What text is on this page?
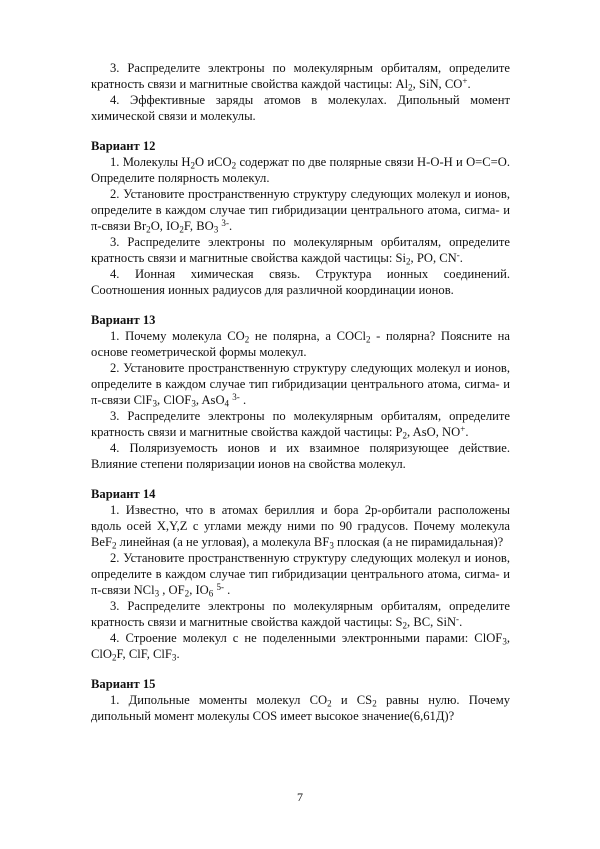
3. Распределите электроны по молекулярным орбиталям, определите кратность связи и магнитные свойства каждой частицы: $Al_2$, SiN, CO+.

4. Эффективные заряды атомов в молекулах. Дипольный момент химической связи и молекулы.

Вариант 12

1. Молекулы $H_2O$ иCO$_2$ содержат по две полярные связи H-O-H и O=C=O. Определите полярность молекул.

2. Установите пространственную структуру следующих молекул и ионов, определите в каждом случае тип гибридизации центрального атома, сигма- и π-связи $Br_2O$, $IO_2F$, $BO_3$ $^{3-}$.

3. Распределите электроны по молекулярным орбиталям, определите кратность связи и магнитные свойства каждой частицы: $Si_2$, PO, CN-.

4. Ионная химическая связь. Структура ионных соединений. Соотношения ионных радиусов для различной координации ионов.

Вариант 13

1. Почему молекула $CO_2$ не полярна, а COCl$_2$ - полярна? Поясните на основе геометрической формы молекул.

2. Установите пространственную структуру следующих молекул и ионов, определите в каждом случае тип гибридизации центрального атома, сигма- и π-связи ClF$_3$, ClOF$_3$, AsO$_4$ $^{3-}$ .

3. Распределите электроны по молекулярным орбиталям, определите кратность связи и магнитные свойства каждой частицы: $P_2$, AsO, NO+.

4. Поляризуемость ионов и их взаимное поляризующее действие. Влияние степени поляризации ионов на свойства молекул.

Вариант 14

1. Известно, что в атомах бериллия и бора 2р-орбитали расположены вдоль осей X,Y,Z с углами между ними по 90 градусов. Почему молекула BeF$_2$ линейная (а не угловая), а молекула $BF_3$ плоская (а не пирамидальная)?

2. Установите пространственную структуру следующих молекул и ионов, определите в каждом случае тип гибридизации центрального атома, сигма- и π-связи NCl$_3$ , $OF_2$, $IO_6$ $^{5-}$ .

3. Распределите электроны по молекулярным орбиталям, определите кратность связи и магнитные свойства каждой частицы: $S_2$, BC, SiN-.

4. Строение молекул с не поделенными электронными парами: ClOF$_3$, ClO$_2$F, ClF, ClF$_3$.

Вариант 15

1. Дипольные моменты молекул $CO_2$ и $CS_2$ равны нулю. Почему дипольный момент молекулы COS имеет высокое значение(6,61Д)?

7
